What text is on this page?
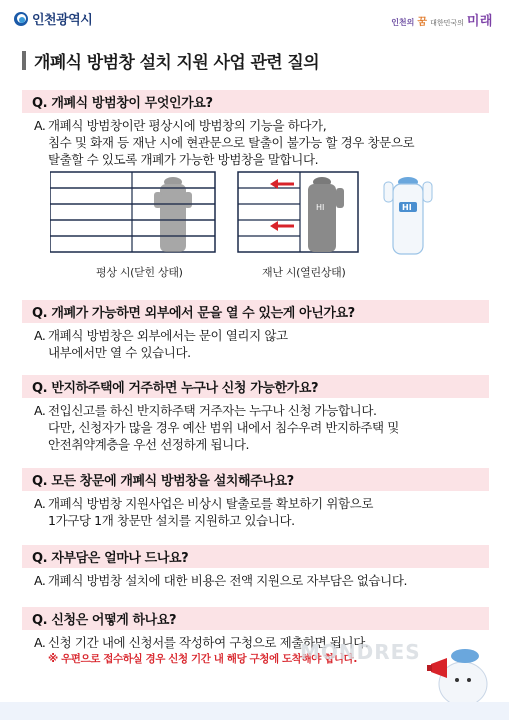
인천광역시	인천의 꿈 대한민국의 미래
개폐식 방범창 설치 지원 사업 관련 질의
Q. 개폐식 방범창이 무엇인가요?
A. 개폐식 방범창이란 평상시에 방범창의 기능을 하다가,
침수 및 화재 등 재난 시에 현관문으로 탈출이 불가능 할 경우 창문으로
탈출할 수 있도록 개폐가 가능한 방범창을 말합니다.
HI	HI
평상 시(닫힌 상태)	재난 시(열린상태)
Q. 개폐가 가능하면 외부에서 문을 열 수 있는게 아닌가요?
A. 개폐식 방범창은 외부에서는 문이 열리지 않고
내부에서만 열 수 있습니다.
Q. 반지하주택에 거주하면 누구나 신청 가능한가요?
A. 전입신고를 하신 반지하주택 거주자는 누구나 신청 가능합니다.
다만, 신청자가 많을 경우 예산 범위 내에서 침수우려 반지하주택 및
안전취약계층을 우선 선정하게 됩니다.
Q. 모든 창문에 개폐식 방범창을 설치해주나요?
A. 개폐식 방범창 지원사업은 비상시 탈출로를 확보하기 위함으로
1가구당 1개 창문만 설치를 지원하고 있습니다.
Q. 자부담은 얼마나 드나요?
A. 개폐식 방범창 설치에 대한 비용은 전액 지원으로 자부담은 없습니다.
Q. 신청은 어떻게 하나요?
A. 신청 기간 내에 신청서를 작성하여 구청으로 제출하면 됩니다.
※ 우편으로 접수하실 경우 신청 기간 내 해당 구청에 도착해야 합니다.
MONDRES
